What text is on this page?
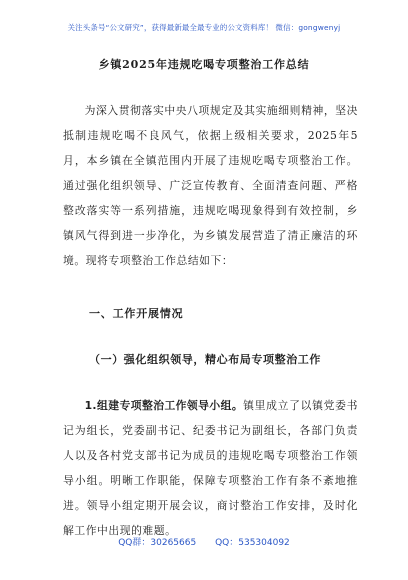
关注头条号“公文研究”，获得最新最全最专业的公文资料库！ 微信：gongwenyj
乡镇2025年违规吃喝专项整治工作总结

为深入贯彻落实中央八项规定及其实施细则精神，坚决抵制违规吃喝不良风气，依据上级相关要求，2025年5月，本乡镇在全镇范围内开展了违规吃喝专项整治工作。通过强化组织领导、广泛宣传教育、全面清查问题、严格整改落实等一系列措施，违规吃喝现象得到有效控制，乡镇风气得到进一步净化，为乡镇发展营造了清正廉洁的环境。现将专项整治工作总结如下：

一、工作开展情况
（一）强化组织领导，精心布局专项整治工作

1.组建专项整治工作领导小组。镇里成立了以镇党委书记为组长，党委副书记、纪委书记为副组长，各部门负责人以及各村党支部书记为成员的违规吃喝专项整治工作领导小组。明晰工作职能，保障专项整治工作有条不紊地推进。领导小组定期开展会议，商讨整治工作安排，及时化解工作中出现的难题。

QQ群：30265665 QQ：535304092
